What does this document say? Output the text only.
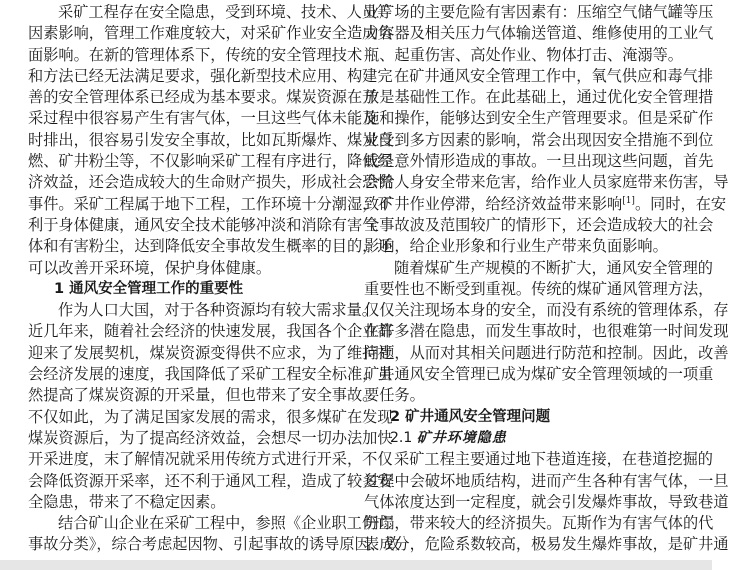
采矿工程存在安全隐患，受到环境、技术、人员等
因素影响，管理工作难度较大，对采矿作业安全造成负
面影响。在新的管理体系下，传统的安全管理技术
和方法已经无法满足要求，强化新型技术应用、构建完
善的安全管理体系已经成为基本要求。煤炭资源在开
采过程中很容易产生有害气体，一旦这些气体未能及
时排出，很容易引发安全事故，比如瓦斯爆炸、煤炭自
燃、矿井粉尘等，不仅影响采矿工程有序进行，降低经
济效益，还会造成较大的生命财产损失，形成社会恐慌
事件。采矿工程属于地下工程，工作环境十分潮湿，不
利于身体健康，通风安全技术能够冲淡和消除有害气
体和有害粉尘，达到降低安全事故发生概率的目的，还
可以改善开采环境，保护身体健康。
1 通风安全管理工作的重要性
作为人口大国，对于各种资源均有较大需求量。
近几年来，随着社会经济的快速发展，我国各个企业都
迎来了发展契机，煤炭资源变得供不应求，为了维持社
会经济发展的速度，我国降低了采矿工程安全标准，虽
然提高了煤炭资源的开采量，但也带来了安全事故。
不仅如此，为了满足国家发展的需求，很多煤矿在发现
煤炭资源后，为了提高经济效益，会想尽一切办法加快
开采进度，末了解情况就采用传统方式进行开采，不仅
会降低资源开采率，还不利于通风工程，造成了较多安
全隐患，带来了不稳定因素。
结合矿山企业在采矿工程中，参照《企业职工伤亡
事故分类》，综合考虑起因物、引起事故的诱导原因、致
业广场的主要危险有害因素有：压缩空气储气罐等压
力容器及相关压力气体输送管道、维修使用的工业气
瓶、起重伤害、高处作业、物体打击、淹溺等。
在矿井通风安全管理工作中，氧气供应和毒气排
放是基础性工作。在此基础上，通过优化安全管理措
施和操作，能够达到安全生产管理要求。但是采矿作
业受到多方因素的影响，常会出现因安全措施不到位
或是意外情形造成的事故。一旦出现这些问题，首先
会给人身安全带来危害，给作业人员家庭带来伤害，导
致矿井作业停滞，给经济效益带来影响[1]。同时，在安
全事故波及范围较广的情形下，还会造成较大的社会
影响，给企业形象和行业生产带来负面影响。
随着煤矿生产规模的不断扩大，通风安全管理的
重要性也不断受到重视。传统的煤矿通风管理方法，
仅仅关注现场本身的安全，而没有系统的管理体系，存
在许多潜在隐患，而发生事故时，也很难第一时间发现
问题，从而对其相关问题进行防范和控制。因此，改善
矿井通风安全管理已成为煤矿安全管理领域的一项重
要任务。
2 矿井通风安全管理问题
2.1 矿井环境隐患
采矿工程主要通过地下巷道连接，在巷道挖掘的
过程中会破坏地质结构，进而产生各种有害气体，一旦
气体浓度达到一定程度，就会引发爆炸事故，导致巷道
坍塌，带来较大的经济损失。瓦斯作为有害气体的代
表成分，危险系数较高，极易发生爆炸事故，是矿井通
